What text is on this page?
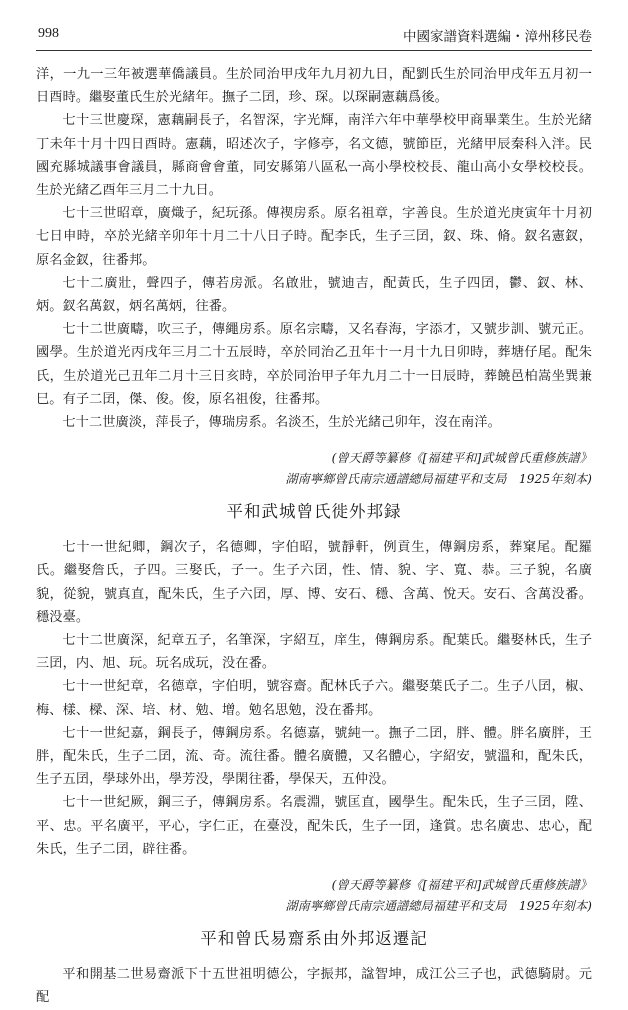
998	中國家譜資料選編・漳州移民卷

洋，一九一三年被選華僑議員。生於同治甲戌年九月初九日，配劉氏生於同治甲戌年五月初一日酉時。繼娶董氏生於光緒年。撫子二囝，珍、琛。以琛嗣憲藕爲後。

七十三世慶琛，憲藕嗣長子，名智深，字光輝，南洋六年中華學校甲商畢業生。生於光緒丁未年十月十四日酉時。憲藕，昭述次子，字修亭，名文德，號節臣，光緒甲辰秦科入泮。民國充縣城議事會議員，縣商會會董，同安縣第八區私一高小學校校長、龍山高小女學校校長。生於光緒乙酉年三月二十九日。

七十三世昭章，廣熾子，紀玩孫。傳禊房系。原名祖章，字善良。生於道光庚寅年十月初七日申時，卒於光緒辛卯年十月二十八日子時。配李氏，生子三囝，釵、珠、脩。釵名憲釵，原名金釵，往番邦。

七十二廣壯，聲四子，傳若房派。名啟壯，號迪吉，配黃氏，生子四囝，鬱、釵、林、炳。釵名萬釵，炳名萬炳，往番。

七十二世廣疇，吹三子，傳繩房系。原名宗疇，又名春海，字添才，又號步訓、號元正。國學。生於道光丙戌年三月二十五辰時，卒於同治乙丑年十一月十九日卯時，葬塘仔尾。配朱氏，生於道光己丑年二月十三日亥時，卒於同治甲子年九月二十一日辰時，葬饒邑柏嵩坐巽兼巳。有子二囝，傑、俊。俊，原名祖俊，往番邦。

七十二世廣淡，萍長子，傳瑞房系。名淡丕，生於光緒己卯年，沒在南洋。

(曾天爵等纂修《[福建平和]武城曾氏重修族譜》
湖南寧鄉曾氏南宗通譜總局福建平和支局　1925年刻本)
平和武城曾氏徙外邦録

七十一世紀卿，鋼次子，名德卿，字伯昭，號靜軒，例貢生，傳鋼房系，葬窠尾。配羅氏。繼娶詹氏，子四。三娶氏，子一。生子六囝，性、情、貌、字、寬、恭。三子貌，名廣貌，從貌，號真直，配朱氏，生子六囝，厚、博、安石、穩、含萬、悅天。安石、含萬没番。穩没臺。

七十二世廣深，紀章五子，名筆深，字紹互，庠生，傳鋼房系。配葉氏。繼娶林氏，生子三囝，内、旭、玩。玩名成玩，没在番。

七十一世紀章，名德章，字伯明，號容齋。配林氏子六。繼娶葉氏子二。生子八囝，椒、梅、樣、樑、深、培、材、勉、增。勉名思勉，没在番邦。

七十一世紀嘉，鋼長子，傳鋼房系。名德嘉，號純一。撫子二囝，胖、體。胖名廣胖，王胖，配朱氏，生子二囝，流、奇。流往番。體名廣體，又名體心，字紹安，號溫和，配朱氏，生子五囝，學球外出，學芳没，學閑往番，學保天，五仲没。

七十一世紀厥，鋼三子，傳鋼房系。名震淵，號匡直，國學生。配朱氏，生子三囝，陞、平、忠。平名廣平，平心，字仁正，在臺没，配朱氏，生子一囝，逢賞。忠名廣忠、忠心，配朱氏，生子二囝，辟往番。

(曾天爵等纂修《[福建平和]武城曾氏重修族譜》
湖南寧鄉曾氏南宗通譜總局福建平和支局　1925年刻本)
平和曾氏易齋系由外邦返遷記

平和開基二世易齋派下十五世祖明德公，字振邦，諡智坤，成江公三子也，武德騎尉。元配
